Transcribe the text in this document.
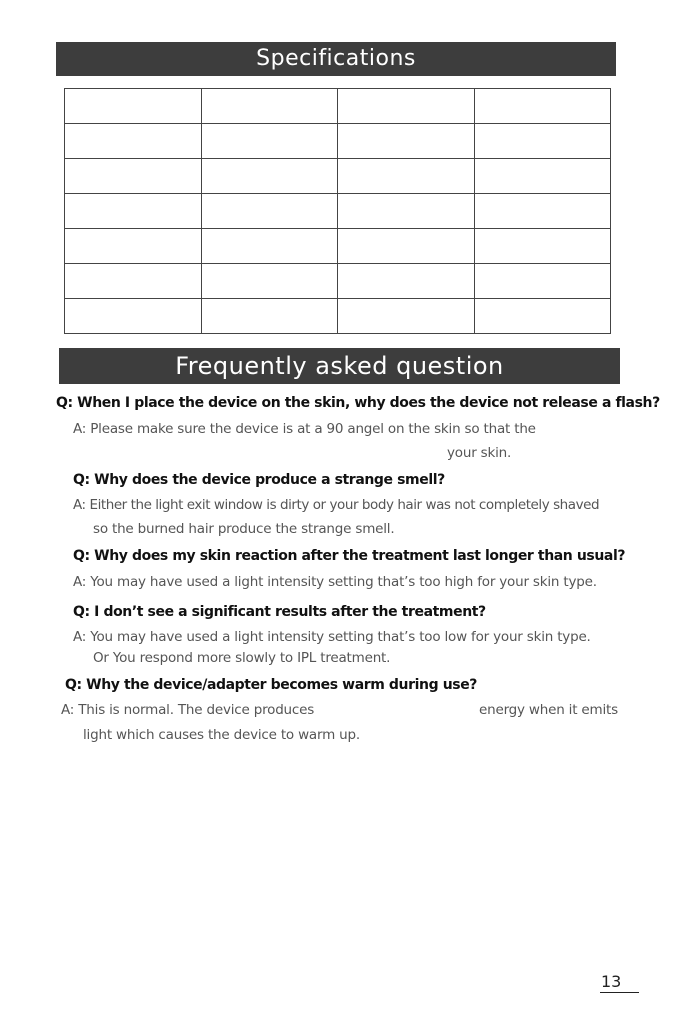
Specifications

Frequently asked question
Q: When I place the device on the skin, why does the device not release a flash?
A: Please make sure the device is at a 90 angel on the skin so that the
your skin.
Q: Why does the device produce a strange smell?
A: Either the light exit window is dirty or your body hair was not completely shaved
so the burned hair produce the strange smell.
Q: Why does my skin reaction after the treatment last longer than usual?
A: You may have used a light intensity setting that’s too high for your skin type.
Q: I don’t see a significant results after the treatment?
A: You may have used a light intensity setting that’s too low for your skin type.
Or You respond more slowly to IPL treatment.
Q: Why the device/adapter becomes warm during use?
A: This is normal. The device produces	energy when it emits
light which causes the device to warm up.
13
